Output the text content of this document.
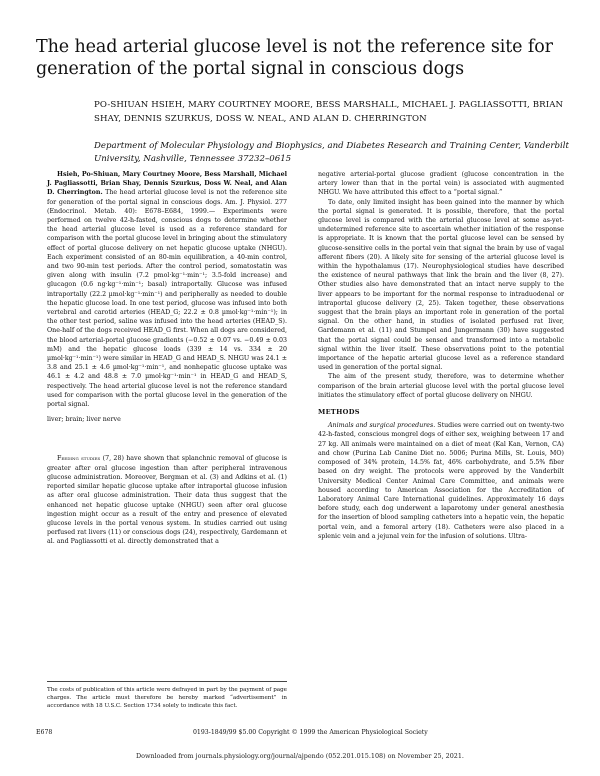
The head arterial glucose level is not the reference site for generation of the portal signal in conscious dogs
PO-SHIUAN HSIEH, MARY COURTNEY MOORE, BESS MARSHALL, MICHAEL J. PAGLIASSOTTI, BRIAN SHAY, DENNIS SZURKUS, DOSS W. NEAL, AND ALAN D. CHERRINGTON
Department of Molecular Physiology and Biophysics, and Diabetes Research and Training Center, Vanderbilt University, Nashville, Tennessee 37232–0615

Hsieh, Po-Shiuan, Mary Courtney Moore, Bess Marshall, Michael J. Pagliassotti, Brian Shay, Dennis Szurkus, Doss W. Neal, and Alan D. Cherrington. The head arterial glucose level is not the reference site for generation of the portal signal in conscious dogs. Am. J. Physiol. 277 (Endocrinol. Metab. 40): E678–E684, 1999.— Experiments were performed on twelve 42-h-fasted, conscious dogs to determine whether the head arterial glucose level is used as a reference standard for comparison with the portal glucose level in bringing about the stimulatory effect of portal glucose delivery on net hepatic glucose uptake (NHGU). Each experiment consisted of an 80-min equilibration, a 40-min control, and two 90-min test periods. After the control period, somatostatin was given along with insulin (7.2 pmol·kg⁻¹·min⁻¹; 3.5-fold increase) and glucagon (0.6 ng·kg⁻¹·min⁻¹; basal) intraportally. Glucose was infused intraportally (22.2 µmol·kg⁻¹·min⁻¹) and peripherally as needed to double the hepatic glucose load. In one test period, glucose was infused into both vertebral and carotid arteries (HEAD_G; 22.2 ± 0.8 µmol·kg⁻¹·min⁻¹); in the other test period, saline was infused into the head arteries (HEAD_S). One-half of the dogs received HEAD_G first. When all dogs are considered, the blood arterial-portal glucose gradients (−0.52 ± 0.07 vs. −0.49 ± 0.03 mM) and the hepatic glucose loads (339 ± 14 vs. 334 ± 20 µmol·kg⁻¹·min⁻¹) were similar in HEAD_G and HEAD_S. NHGU was 24.1 ± 3.8 and 25.1 ± 4.6 µmol·kg⁻¹·min⁻¹, and nonhepatic glucose uptake was 46.1 ± 4.2 and 48.8 ± 7.0 µmol·kg⁻¹·min⁻¹ in HEAD_G and HEAD_S, respectively. The head arterial glucose level is not the reference standard used for comparison with the portal glucose level in the generation of the portal signal.

liver; brain; liver nerve

Feeding studies (7, 28) have shown that splanchnic removal of glucose is greater after oral glucose ingestion than after peripheral intravenous glucose administration. Moreover, Bergman et al. (3) and Adkins et al. (1) reported similar hepatic glucose uptake after intraportal glucose infusion as after oral glucose administration. Their data thus suggest that the enhanced net hepatic glucose uptake (NHGU) seen after oral glucose ingestion might occur as a result of the entry and presence of elevated glucose levels in the portal venous system. In studies carried out using perfused rat livers (11) or conscious dogs (24), respectively, Gardemann et al. and Pagliassotti et al. directly demonstrated that a

negative arterial-portal glucose gradient (glucose concentration in the artery lower than that in the portal vein) is associated with augmented NHGU. We have attributed this effect to a “portal signal.”

To date, only limited insight has been gained into the manner by which the portal signal is generated. It is possible, therefore, that the portal glucose level is compared with the arterial glucose level at some as-yet-undetermined reference site to ascertain whether initiation of the response is appropriate. It is known that the portal glucose level can be sensed by glucose-sensitive cells in the portal vein that signal the brain by use of vagal afferent fibers (20). A likely site for sensing of the arterial glucose level is within the hypothalamus (17). Neurophysiological studies have described the existence of neural pathways that link the brain and the liver (8, 27). Other studies also have demonstrated that an intact nerve supply to the liver appears to be important for the normal response to intraduodenal or intraportal glucose delivery (2, 25). Taken together, these observations suggest that the brain plays an important role in generation of the portal signal. On the other hand, in studies of isolated perfused rat liver, Gardemann et al. (11) and Stumpel and Jungermann (30) have suggested that the portal signal could be sensed and transformed into a metabolic signal within the liver itself. These observations point to the potential importance of the hepatic arterial glucose level as a reference standard used in generation of the portal signal.

The aim of the present study, therefore, was to determine whether comparison of the brain arterial glucose level with the portal glucose level initiates the stimulatory effect of portal glucose delivery on NHGU.

METHODS

Animals and surgical procedures. Studies were carried out on twenty-two 42-h-fasted, conscious mongrel dogs of either sex, weighing between 17 and 27 kg. All animals were maintained on a diet of meat (Kal Kan, Vernon, CA) and chow (Purina Lab Canine Diet no. 5006; Purina Mills, St. Louis, MO) composed of 34% protein, 14.5% fat, 46% carbohydrate, and 5.5% fiber based on dry weight. The protocols were approved by the Vanderbilt University Medical Center Animal Care Committee, and animals were housed according to American Association for the Accreditation of Laboratory Animal Care International guidelines. Approximately 16 days before study, each dog underwent a laparotomy under general anesthesia for the insertion of blood sampling catheters into a hepatic vein, the hepatic portal vein, and a femoral artery (18). Catheters were also placed in a splenic vein and a jejunal vein for the infusion of solutions. Ultra-

The costs of publication of this article were defrayed in part by the payment of page charges. The article must therefore be hereby marked “advertisement” in accordance with 18 U.S.C. Section 1734 solely to indicate this fact.
E678	0193-1849/99 $5.00 Copyright © 1999 the American Physiological Society
Downloaded from journals.physiology.org/journal/ajpendo (052.201.015.108) on November 25, 2021.
